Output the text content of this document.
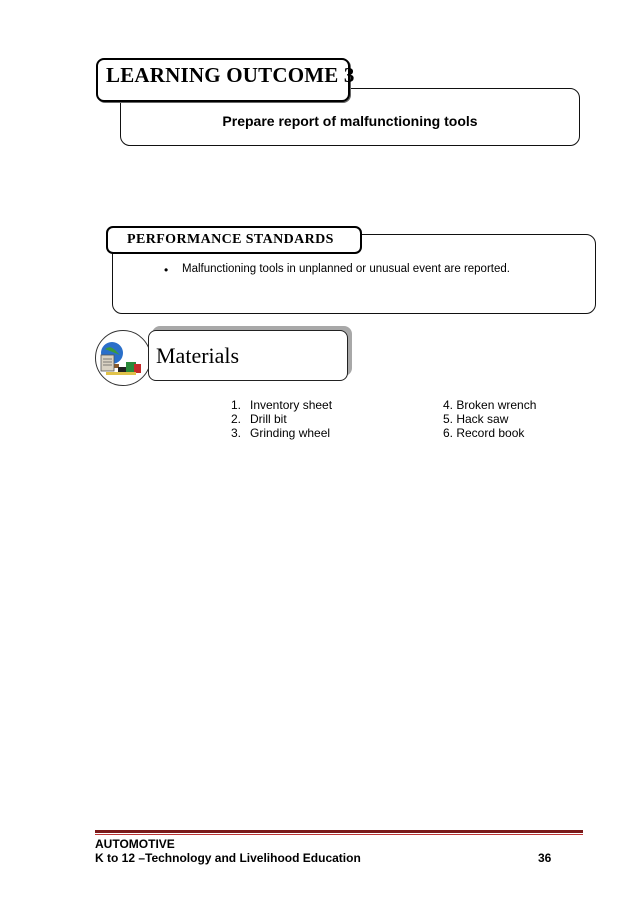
Prepare report of malfunctioning tools
LEARNING OUTCOME 3
PERFORMANCE STANDARDS
• Malfunctioning tools in unplanned or unusual event are reported.
Materials
1. Inventory sheet
2. Drill bit
3. Grinding wheel
4. Broken wrench
5. Hack saw
6. Record book
AUTOMOTIVE
K to 12 –Technology and Livelihood Education	36
